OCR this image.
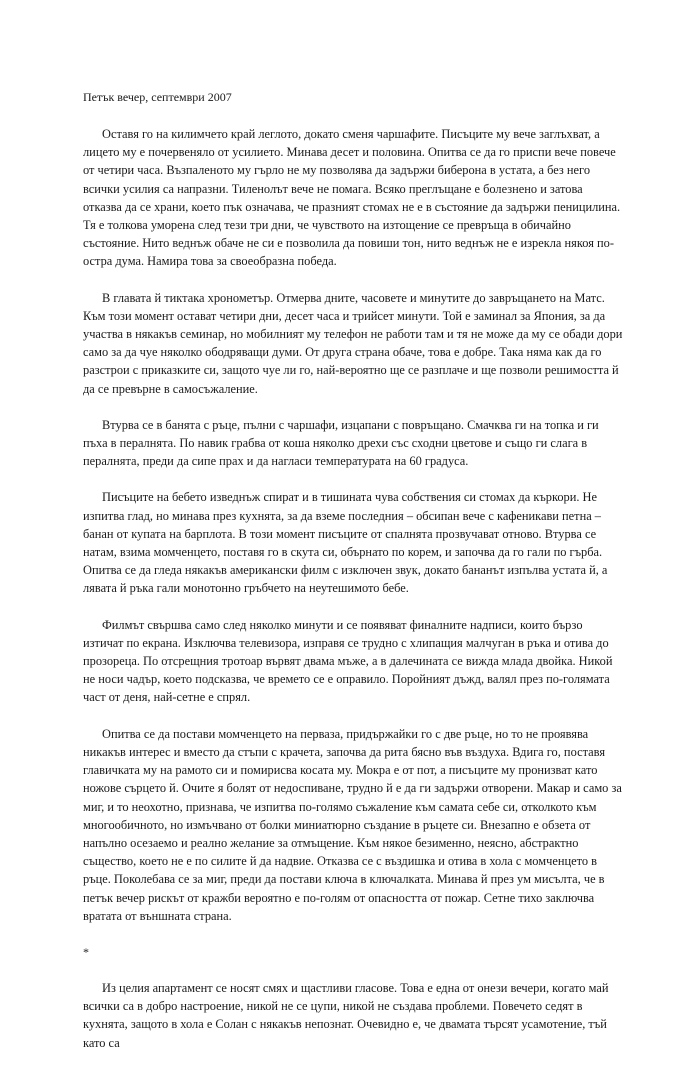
Петък вечер, септември 2007

Оставя го на килимчето край леглото, докато сменя чаршафите. Писъците му вече заглъхват, а лицето му е почервеняло от усилието. Минава десет и половина. Опитва се да го приспи вече повече от четири часа. Възпаленото му гърло не му позволява да задържи биберона в устата, а без него всички усилия са напразни. Тиленолът вече не помага. Всяко преглъщане е болезнено и затова отказва да се храни, което пък означава, че празният стомах не е в състояние да задържи пеницилина. Тя е толкова уморена след тези три дни, че чувството на изтощение се превръща в обичайно състояние. Нито веднъж обаче не си е позволила да повиши тон, нито веднъж не е изрекла някоя по-остра дума. Намира това за своеобразна победа.

В главата й тиктака хронометър. Отмерва дните, часовете и минутите до завръщането на Матс. Към този момент остават четири дни, десет часа и трийсет минути. Той е заминал за Япония, за да участва в някакъв семинар, но мобилният му телефон не работи там и тя не може да му се обади дори само за да чуе няколко ободряващи думи. От друга страна обаче, това е добре. Така няма как да го разстрои с приказките си, защото чуе ли го, най-вероятно ще се разплаче и ще позволи решимостта й да се превърне в самосъжаление.

Втурва се в банята с ръце, пълни с чаршафи, изцапани с повръщано. Смачква ги на топка и ги пъха в пералнята. По навик грабва от коша няколко дрехи със сходни цветове и също ги слага в пералнята, преди да сипе прах и да нагласи температурата на 60 градуса.

Писъците на бебето изведнъж спират и в тишината чува собствения си стомах да къркори. Не изпитва глад, но минава през кухнята, за да вземе последния – обсипан вече с кафеникави петна – банан от купата на барплота. В този момент писъците от спалнята прозвучават отново. Втурва се натам, взима момченцето, поставя го в скута си, обърнато по корем, и започва да го гали по гърба. Опитва се да гледа някакъв американски филм с изключен звук, докато бананът изпълва устата й, а лявата й ръка гали монотонно гръбчето на неутешимото бебе.

Филмът свършва само след няколко минути и се появяват финалните надписи, които бързо изтичат по екрана. Изключва телевизора, изправя се трудно с хлипащия малчуган в ръка и отива до прозореца. По отсрещния тротоар вървят двама мъже, а в далечината се вижда млада двойка. Никой не носи чадър, което подсказва, че времето се е оправило. Поройният дъжд, валял през по-голямата част от деня, най-сетне е спрял.

Опитва се да постави момченцето на перваза, придържайки го с две ръце, но то не проявява никакъв интерес и вместо да стъпи с крачета, започва да рита бясно във въздуха. Вдига го, поставя главичката му на рамото си и помирисва косата му. Мокра е от пот, а писъците му пронизват като ножове сърцето й. Очите я болят от недоспиване, трудно й е да ги задържи отворени. Макар и само за миг, и то неохотно, признава, че изпитва по-голямо съжаление към самата себе си, отколкото към многообичното, но измъчвано от болки миниатюрно създание в ръцете си. Внезапно е обзета от напълно осезаемо и реално желание за отмъщение. Към някое безименно, неясно, абстрактно същество, което не е по силите й да надвие. Отказва се с въздишка и отива в хола с момченцето в ръце. Поколебава се за миг, преди да постави ключа в ключалката. Минава й през ум мисълта, че в петък вечер рискът от кражби вероятно е по-голям от опасността от пожар. Сетне тихо заключва вратата от външната страна.

*

Из целия апартамент се носят смях и щастливи гласове. Това е една от онези вечери, когато май всички са в добро настроение, никой не се цупи, никой не създава проблеми. Повечето седят в кухнята, защото в хола е Солан с някакъв непознат. Очевидно е, че двамата търсят усамотение, тъй като са
